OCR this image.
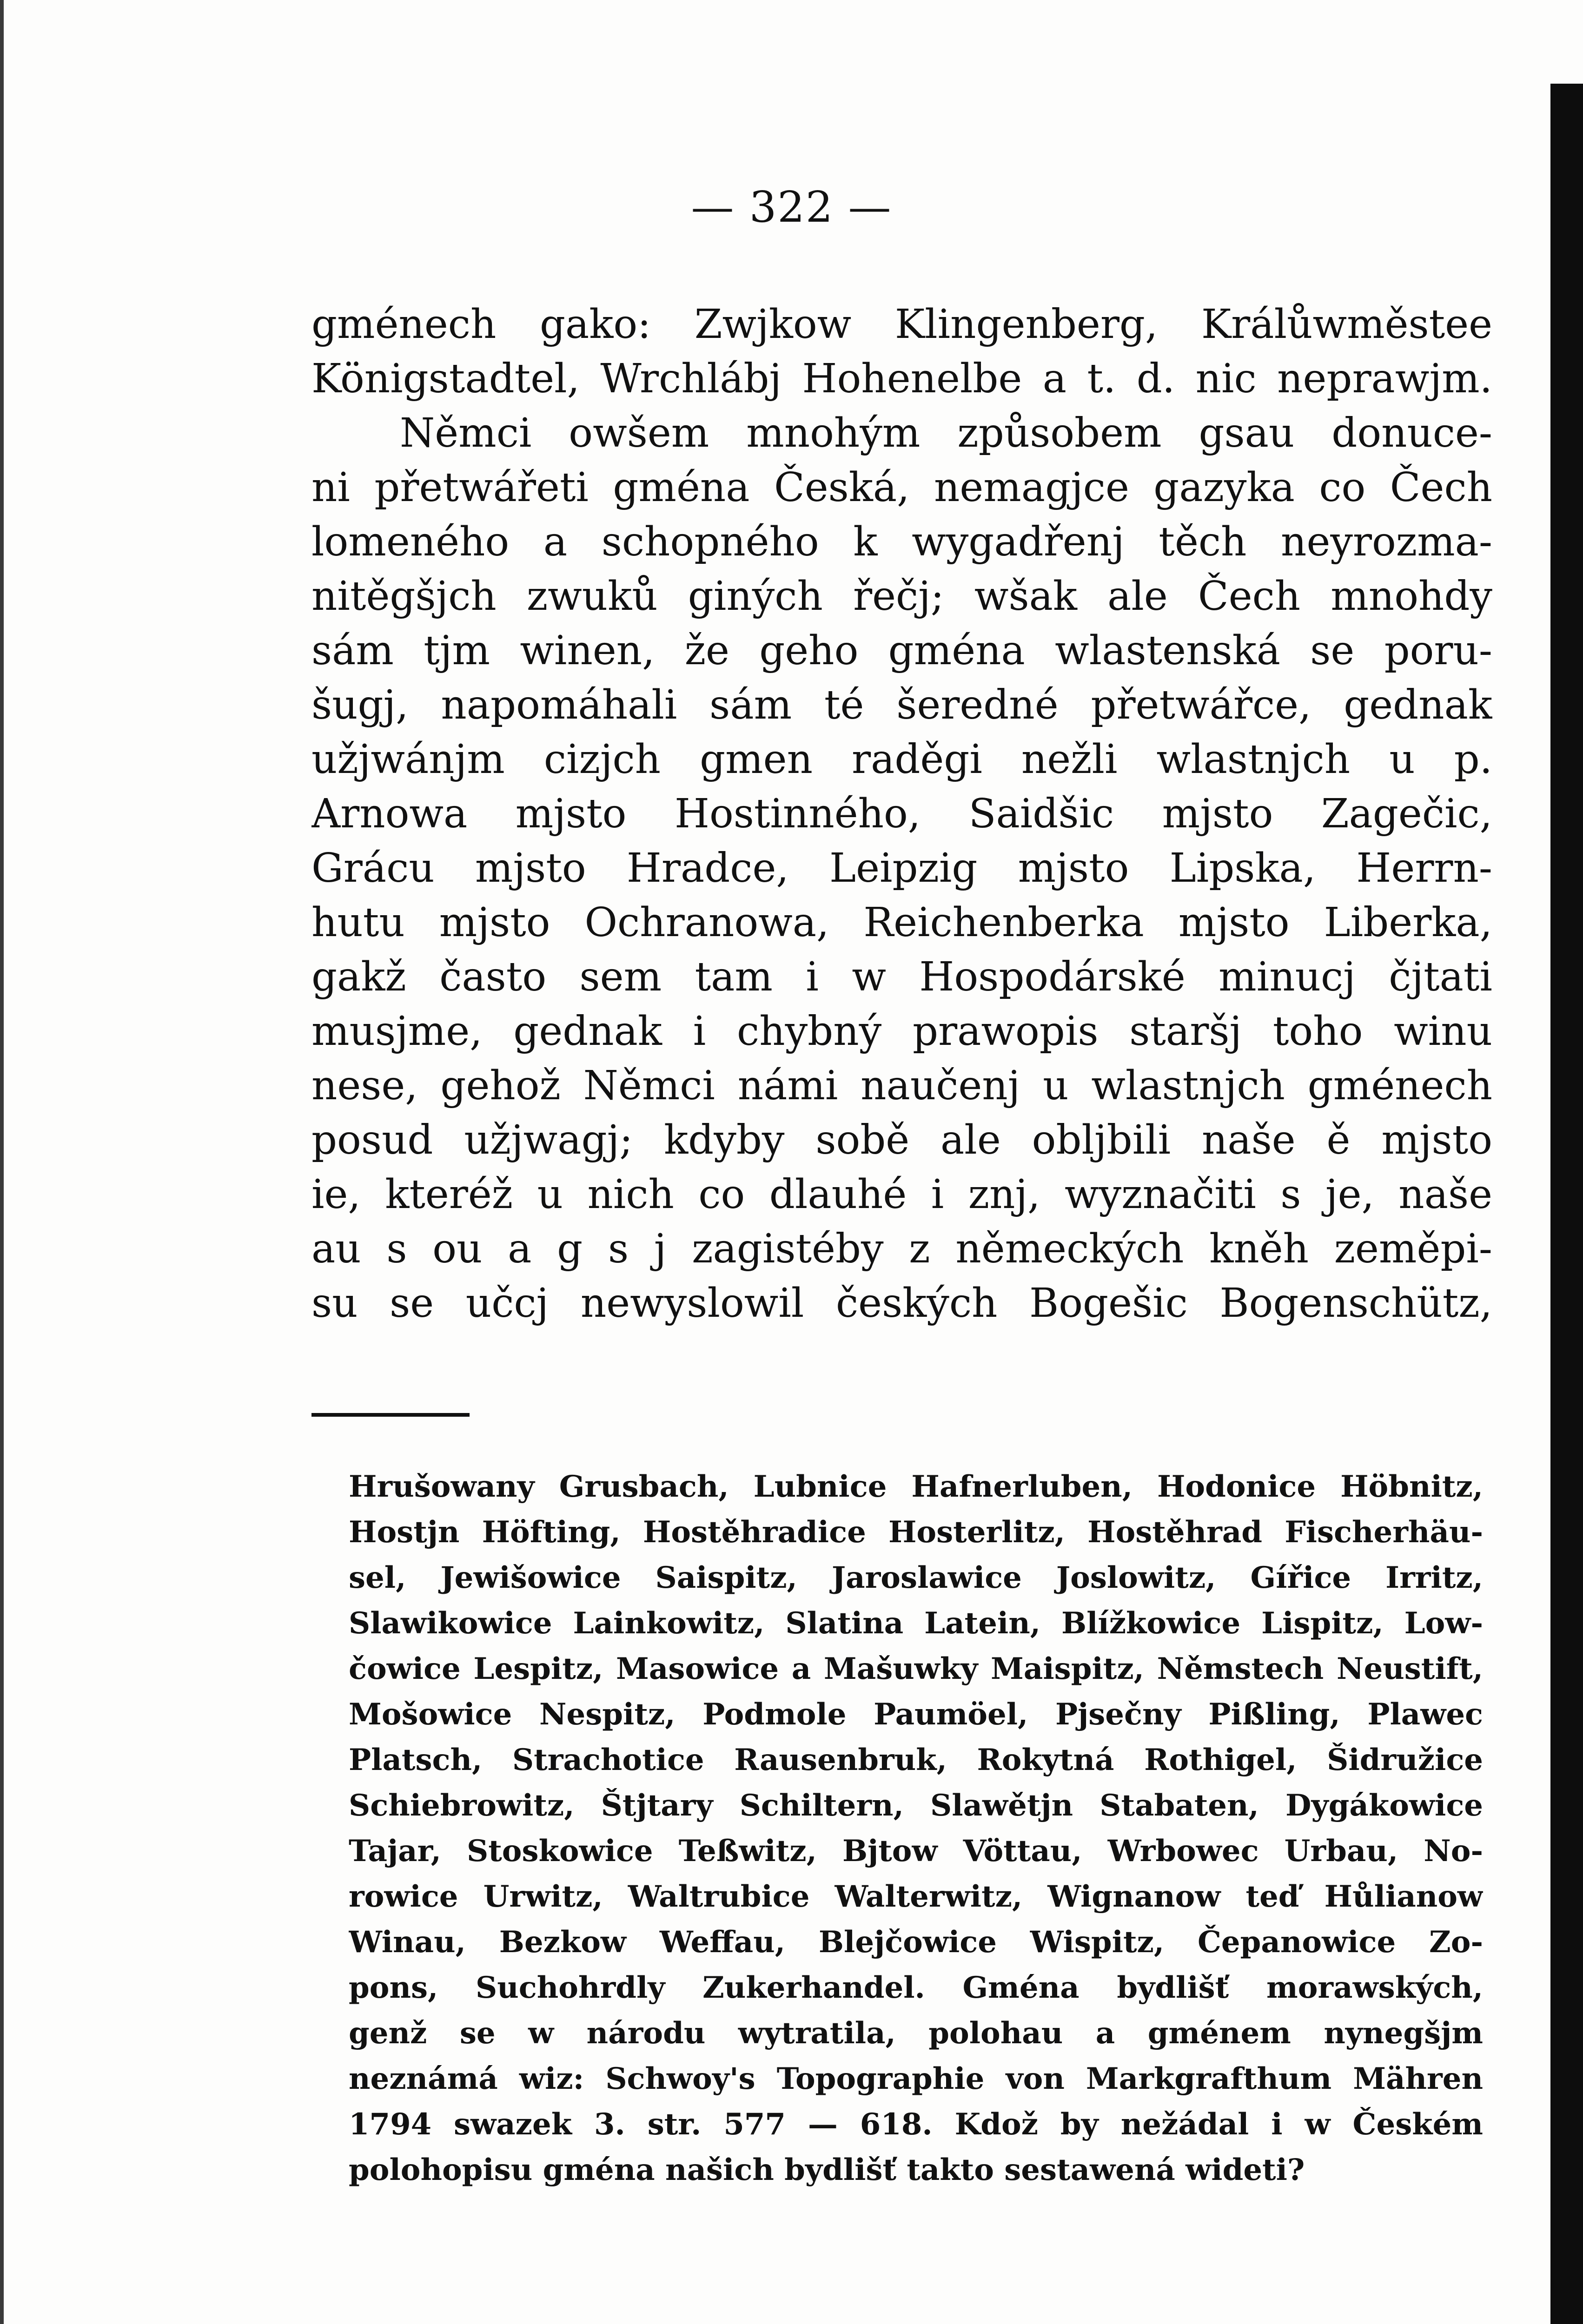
— 322 —
gménech gako: Zwjkow Klingenberg, Králůwměstee
Königstadtel, Wrchlábj Hohenelbe a t. d. nic neprawjm.
Němci owšem mnohým způsobem gsau donuce-
ni přetwářeti gména Česká, nemagjce gazyka co Čech
lomeného a schopného k wygadřenj těch neyrozma-
nitěgšjch zwuků giných řečj; wšak ale Čech mnohdy
sám tjm winen, že geho gména wlastenská se poru-
šugj, napomáhali sám té šeredné přetwářce, gednak
užjwánjm cizjch gmen raděgi nežli wlastnjch u p.
Arnowa mjsto Hostinného, Saidšic mjsto Zagečic,
Grácu mjsto Hradce, Leipzig mjsto Lipska, Herrn-
hutu mjsto Ochranowa, Reichenberka mjsto Liberka,
gakž často sem tam i w Hospodárské minucj čjtati
musjme, gednak i chybný prawopis staršj toho winu
nese, gehož Němci námi naučenj u wlastnjch gménech
posud užjwagj; kdyby sobě ale obljbili naše ě mjsto
ie, kteréž u nich co dlauhé i znj, wyznačiti s je, naše
au s ou a g s j zagistéby z německých kněh zeměpi-
su se učcj newyslowil českých Bogešic Bogenschütz,
Hrušowany Grusbach, Lubnice Hafnerluben, Hodonice Höbnitz,
Hostjn Höfting, Hostěhradice Hosterlitz, Hostěhrad Fischerhäu-
sel, Jewišowice Saispitz, Jaroslawice Joslowitz, Gířice Irritz,
Slawikowice Lainkowitz, Slatina Latein, Blížkowice Lispitz, Low-
čowice Lespitz, Masowice a Mašuwky Maispitz, Němstech Neustift,
Mošowice Nespitz, Podmole Paumöel, Pjsečny Pißling, Plawec
Platsch, Strachotice Rausenbruk, Rokytná Rothigel, Šidružice
Schiebrowitz, Štjtary Schiltern, Slawětjn Stabaten, Dygákowice
Tajar, Stoskowice Teßwitz, Bjtow Vöttau, Wrbowec Urbau, No-
rowice Urwitz, Waltrubice Walterwitz, Wignanow teď Hůlianow
Winau, Bezkow Weffau, Blejčowice Wispitz, Čepanowice Zo-
pons, Suchohrdly Zukerhandel. Gména bydlišť morawských,
genž se w národu wytratila, polohau a gménem nynegšjm
neznámá wiz: Schwoy's Topographie von Markgrafthum Mähren
1794 swazek 3. str. 577 — 618. Kdož by nežádal i w Českém
polohopisu gména našich bydlišť takto sestawená wideti?
